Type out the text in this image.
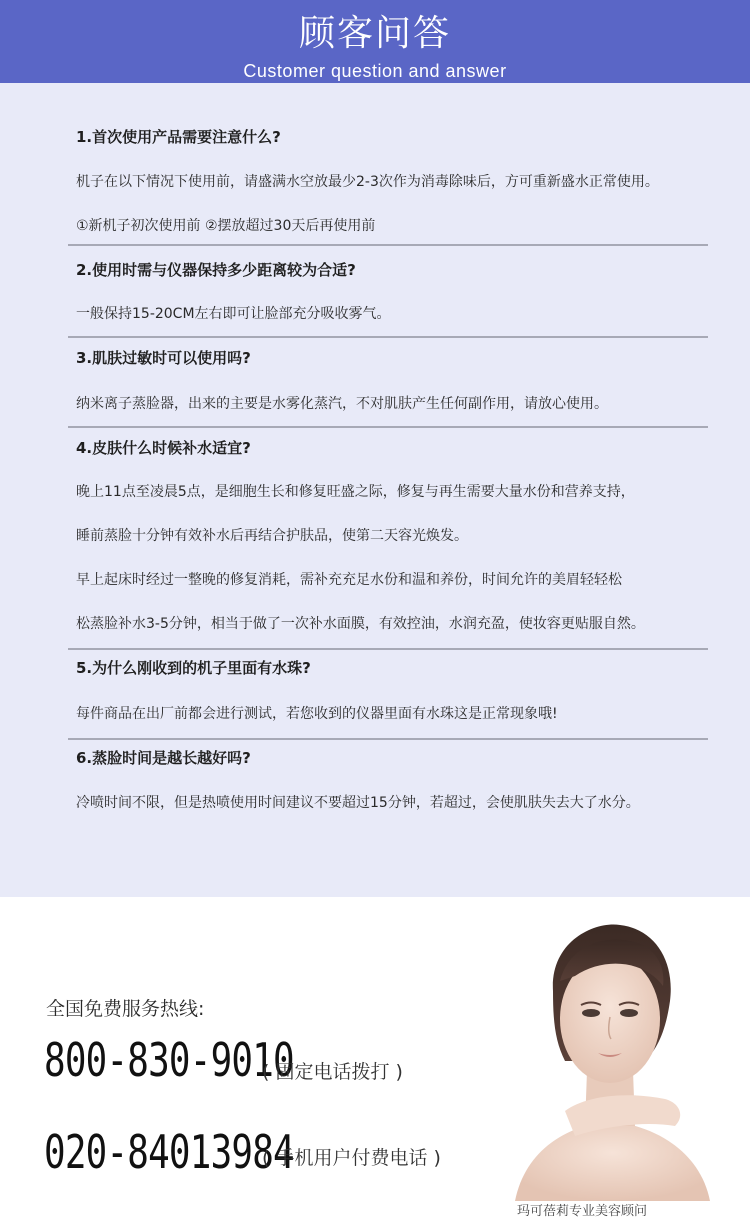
顾客问答
Customer question and answer
1.首次使用产品需要注意什么?
机子在以下情况下使用前，请盛满水空放最少2-3次作为消毒除味后，方可重新盛水正常使用。
①新机子初次使用前 ②摆放超过30天后再使用前
2.使用时需与仪器保持多少距离较为合适?
一般保持15-20CM左右即可让脸部充分吸收雾气。
3.肌肤过敏时可以使用吗?
纳米离子蒸脸器，出来的主要是水雾化蒸汽，不对肌肤产生任何副作用，请放心使用。
4.皮肤什么时候补水适宜?
晚上11点至凌晨5点，是细胞生长和修复旺盛之际，修复与再生需要大量水份和营养支持，
睡前蒸脸十分钟有效补水后再结合护肤品，使第二天容光焕发。
早上起床时经过一整晚的修复消耗，需补充充足水份和温和养份，时间允许的美眉轻轻松
松蒸脸补水3-5分钟，相当于做了一次补水面膜，有效控油，水润充盈，使妆容更贴服自然。
5.为什么刚收到的机子里面有水珠?
每件商品在出厂前都会进行测试，若您收到的仪器里面有水珠这是正常现象哦!
6.蒸脸时间是越长越好吗?
冷喷时间不限，但是热喷使用时间建议不要超过15分钟，若超过，会使肌肤失去大了水分。
全国免费服务热线:
800-830-9010
( 固定电话拨打 )
020-84013984
( 手机用户付费电话 )
玛可蓓莉专业美容顾问
